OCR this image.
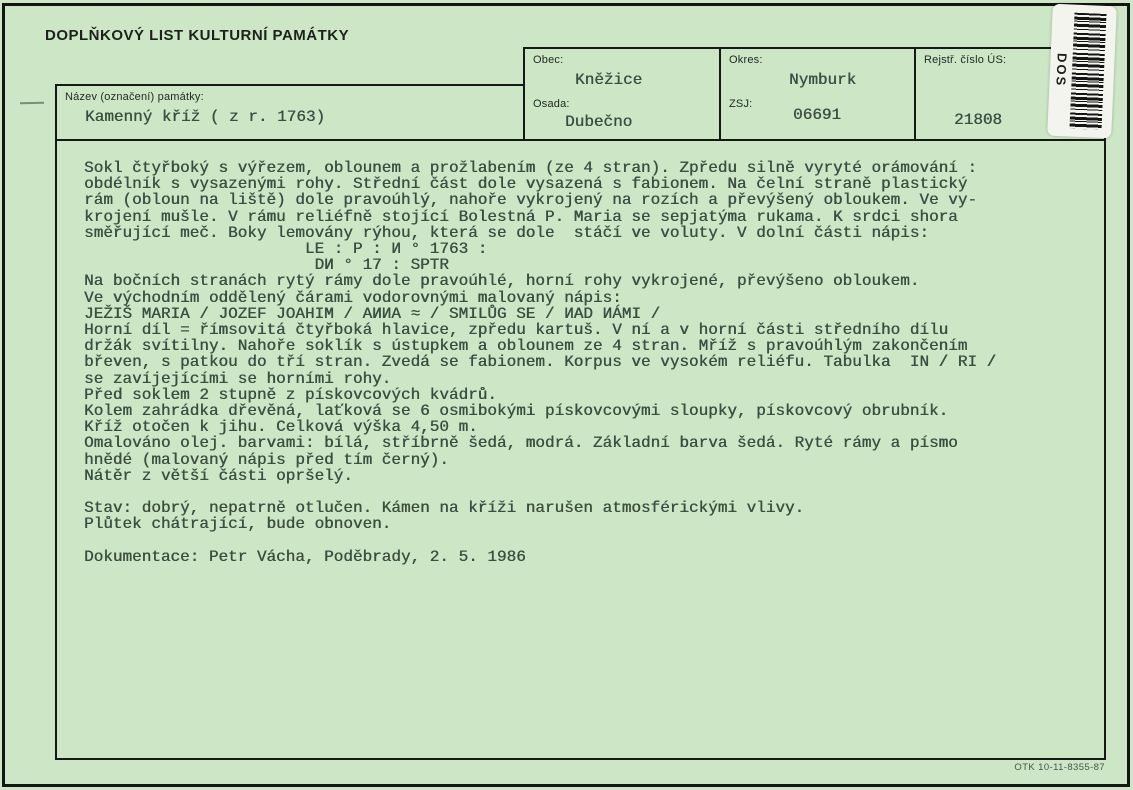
DOPLŇKOVÝ LIST KULTURNÍ PAMÁTKY
Název (označení) památky:
Kamenný kříž ( z r. 1763)
Obec:
Kněžice
Osada:
Dubečno
Okres:
Nymburk
ZSJ:
06691
Rejstř. číslo ÚS:
21808
Sokl čtyřboký s výřezem, oblounem a prožlabením (ze 4 stran). Zpředu silně vyryté orámování :
obdélník s vysazenými rohy. Střední část dole vysazená s fabionem. Na čelní straně plastický
rám (obloun na liště) dole pravoúhlý, nahoře vykrojený na rozích a převýšený obloukem. Ve vy-
krojení mušle. V rámu reliéfně stojící Bolestná P. Maria se sepjatýma rukama. K srdci shora
směřující meč. Boky lemovány rýhou, která se dole  stáčí ve voluty. V dolní části nápis:
LE : P : И ° 1763 :
DИ ° 17 : SPTR
Na bočních stranách rytý rámy dole pravoúhlé, horní rohy vykrojené, převýšeno obloukem.
Ve východním oddělený čárami vodorovnými malovaný nápis:
JEŽIŠ MARIA / JOZEF JOAHIM / AИИA ≈ / SMILŮG SE / ИAD ИÁMI /
Horní díl = římsovitá čtyřboká hlavice, zpředu kartuš. V ní a v horní části středního dílu
držák svítilny. Nahoře soklík s ústupkem a oblounem ze 4 stran. Mříž s pravoúhlým zakončením
břeven, s patkou do tří stran. Zvedá se fabionem. Korpus ve vysokém reliéfu. Tabulka  IN / RI /
se zavíjejícími se horními rohy.
Před soklem 2 stupně z pískovcových kvádrů.
Kolem zahrádka dřevěná, laťková se 6 osmibokými pískovcovými sloupky, pískovcový obrubník.
Kříž otočen k jihu. Celková výška 4,50 m.
Omalováno olej. barvami: bílá, stříbrně šedá, modrá. Základní barva šedá. Ryté rámy a písmo
hnědé (malovaný nápis před tím černý).
Nátěr z větší části opršelý.
Stav: dobrý, nepatrně otlučen. Kámen na kříži narušen atmosférickými vlivy.
Plůtek chátrající, bude obnoven.
Dokumentace: Petr Vácha, Poděbrady, 2. 5. 1986
OTK 10-11-8355-87
DOS
